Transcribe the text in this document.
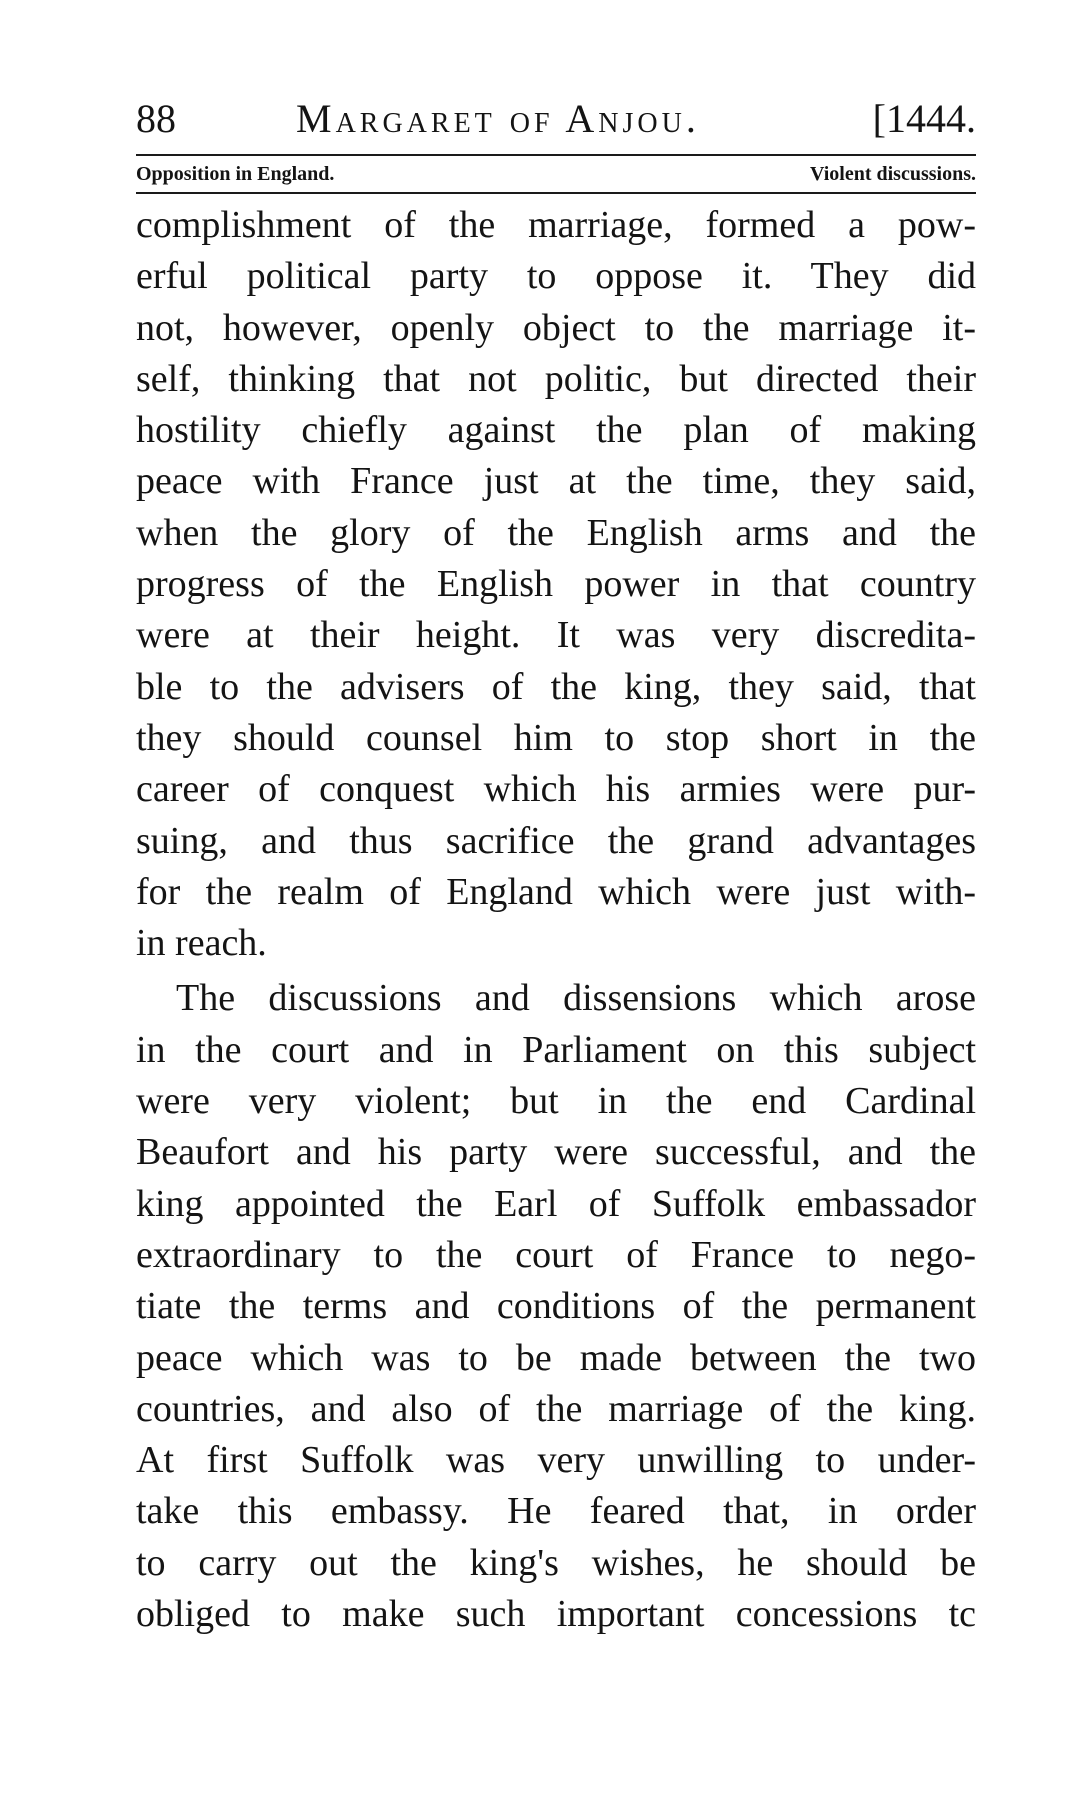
88	Margaret of Anjou.	[1444.
Opposition in England.	Violent discussions.
complishment of the marriage, formed a pow-
erful political party to oppose it. They did
not, however, openly object to the marriage it-
self, thinking that not politic, but directed their
hostility chiefly against the plan of making
peace with France just at the time, they said,
when the glory of the English arms and the
progress of the English power in that country
were at their height. It was very discredita-
ble to the advisers of the king, they said, that
they should counsel him to stop short in the
career of conquest which his armies were pur-
suing, and thus sacrifice the grand advantages
for the realm of England which were just with-
in reach.
The discussions and dissensions which arose
in the court and in Parliament on this subject
were very violent; but in the end Cardinal
Beaufort and his party were successful, and the
king appointed the Earl of Suffolk embassador
extraordinary to the court of France to nego-
tiate the terms and conditions of the permanent
peace which was to be made between the two
countries, and also of the marriage of the king.
At first Suffolk was very unwilling to under-
take this embassy. He feared that, in order
to carry out the king's wishes, he should be
obliged to make such important concessions tc
